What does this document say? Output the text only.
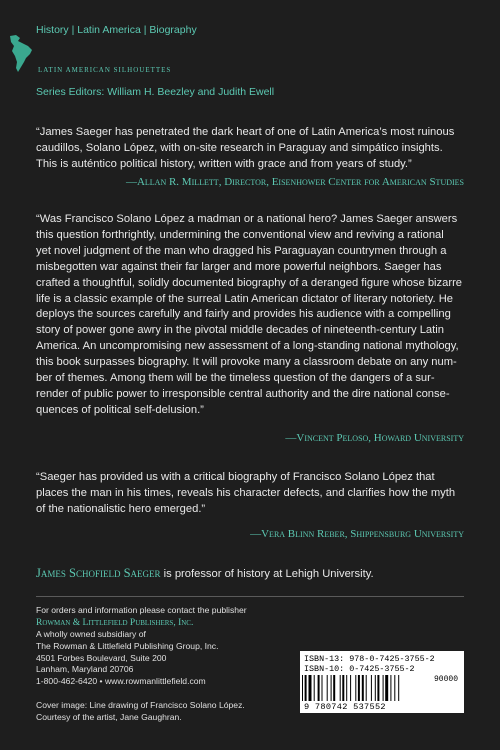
History | Latin America | Biography
LATIN AMERICAN SILHOUETTES
Series Editors: William H. Beezley and Judith Ewell
“James Saeger has penetrated the dark heart of one of Latin America’s most ruinous
caudillos, Solano López, with on-site research in Paraguay and simpático insights.
This is auténtico political history, written with grace and from years of study.”
—Allan R. Millett, Director, Eisenhower Center for American Studies
“Was Francisco Solano López a madman or a national hero? James Saeger answers
this question forthrightly, undermining the conventional view and reviving a rational
yet novel judgment of the man who dragged his Paraguayan countrymen through a
misbegotten war against their far larger and more powerful neighbors. Saeger has
crafted a thoughtful, solidly documented biography of a deranged figure whose bizarre
life is a classic example of the surreal Latin American dictator of literary notoriety. He
deploys the sources carefully and fairly and provides his audience with a compelling
story of power gone awry in the pivotal middle decades of nineteenth-century Latin
America. An uncompromising new assessment of a long-standing national mythology,
this book surpasses biography. It will provoke many a classroom debate on any num-
ber of themes. Among them will be the timeless question of the dangers of a sur-
render of public power to irresponsible central authority and the dire national conse-
quences of political self-delusion.”
—Vincent Peloso, Howard University
“Saeger has provided us with a critical biography of Francisco Solano López that
places the man in his times, reveals his character defects, and clarifies how the myth
of the nationalistic hero emerged.”
—Vera Blinn Reber, Shippensburg University
James Schofield Saeger is professor of history at Lehigh University.
For orders and information please contact the publisher
Rowman & Littlefield Publishers, Inc.
A wholly owned subsidiary of
The Rowman & Littlefield Publishing Group, Inc.
4501 Forbes Boulevard, Suite 200
Lanham, Maryland 20706
1-800-462-6420 • www.rowmanlittlefield.com
Cover image: Line drawing of Francisco Solano López.
Courtesy of the artist, Jane Gaughran.
ISBN-13: 978-0-7425-3755-2
ISBN-10: 0-7425-3755-2
90000
9 780742 537552
